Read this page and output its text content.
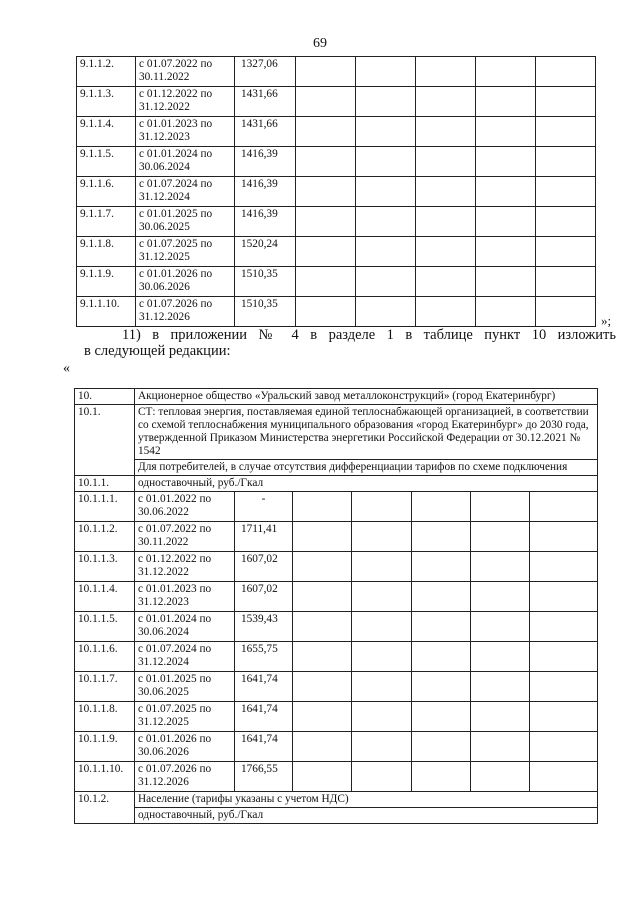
69
9.1.1.2.	с 01.07.2022 по 30.11.2022	1327,06					
9.1.1.3.	с 01.12.2022 по 31.12.2022	1431,66					
9.1.1.4.	с 01.01.2023 по 31.12.2023	1431,66					
9.1.1.5.	с 01.01.2024 по 30.06.2024	1416,39					
9.1.1.6.	с 01.07.2024 по 31.12.2024	1416,39					
9.1.1.7.	с 01.01.2025 по 30.06.2025	1416,39					
9.1.1.8.	с 01.07.2025 по 31.12.2025	1520,24					
9.1.1.9.	с 01.01.2026 по 30.06.2026	1510,35					
9.1.1.10.	с 01.07.2026 по 31.12.2026	1510,35					
»;
11) в приложении № 4 в разделе 1 в таблице пункт 10 изложить
в следующей редакции:
«
10.	Акционерное общество «Уральский завод металлоконструкций» (город Екатеринбург)						
10.1.	СТ: тепловая энергия, поставляемая единой теплоснабжающей организацией, в соответствии со схемой теплоснабжения муниципального образования «город Екатеринбург» до 2030 года, утвержденной Приказом Министерства энергетики Российской Федерации от 30.12.2021 № 1542						
	Для потребителей, в случае отсутствия дифференциации тарифов по схеме подключения						
10.1.1.	одноставочный, руб./Гкал						
10.1.1.1.	с 01.01.2022 по 30.06.2022	-					
10.1.1.2.	с 01.07.2022 по 30.11.2022	1711,41					
10.1.1.3.	с 01.12.2022 по 31.12.2022	1607,02					
10.1.1.4.	с 01.01.2023 по 31.12.2023	1607,02					
10.1.1.5.	с 01.01.2024 по 30.06.2024	1539,43					
10.1.1.6.	с 01.07.2024 по 31.12.2024	1655,75					
10.1.1.7.	с 01.01.2025 по 30.06.2025	1641,74					
10.1.1.8.	с 01.07.2025 по 31.12.2025	1641,74					
10.1.1.9.	с 01.01.2026 по 30.06.2026	1641,74					
10.1.1.10.	с 01.07.2026 по 31.12.2026	1766,55					
10.1.2.	Население (тарифы указаны с учетом НДС)						
	одноставочный, руб./Гкал						
